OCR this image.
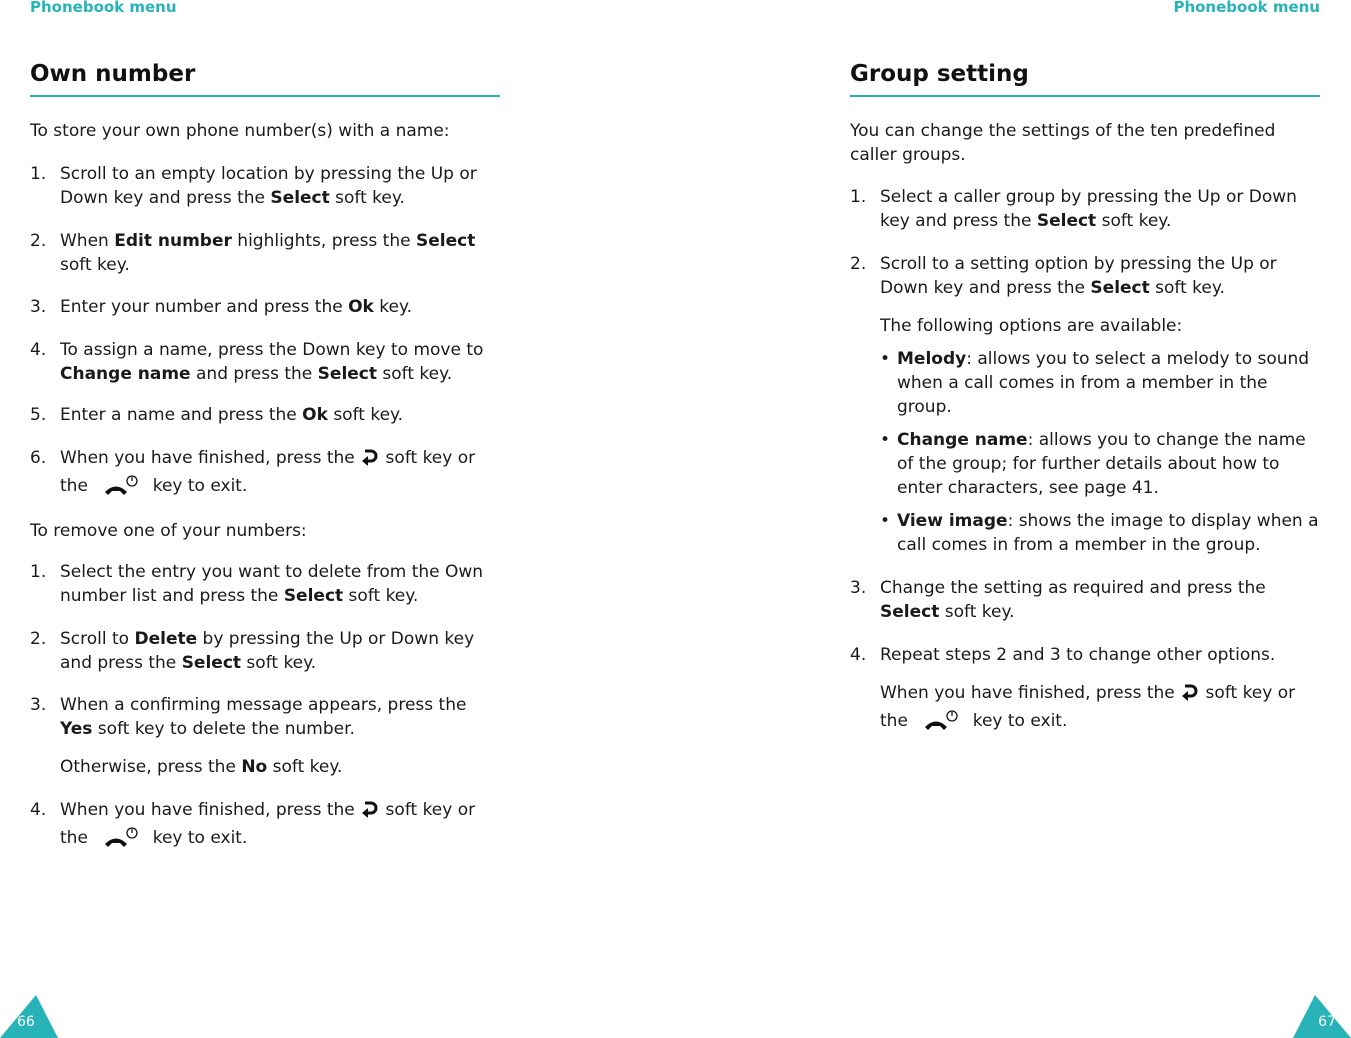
Phonebook menu	Phonebook menu
Own number

To store your own phone number(s) with a name:

1. Scroll to an empty location by pressing the Up or Down key and press the Select soft key.
2. When Edit number highlights, press the Select soft key.
3. Enter your number and press the Ok key.
4. To assign a name, press the Down key to move to Change name and press the Select soft key.
5. Enter a name and press the Ok soft key.
6. When you have finished, press the  soft key or the	key to exit.

To remove one of your numbers:

1. Select the entry you want to delete from the Own number list and press the Select soft key.
2. Scroll to Delete by pressing the Up or Down key and press the Select soft key.
3. When a confirming message appears, press the Yes soft key to delete the number.
Otherwise, press the No soft key.
4. When you have finished, press the  soft key or the	key to exit.
Group setting

You can change the settings of the ten predefined caller groups.

1. Select a caller group by pressing the Up or Down key and press the Select soft key.
2. Scroll to a setting option by pressing the Up or Down key and press the Select soft key.
The following options are available:
• Melody: allows you to select a melody to sound when a call comes in from a member in the group.
• Change name: allows you to change the name of the group; for further details about how to enter characters, see page 41.
• View image: shows the image to display when a call comes in from a member in the group.
3. Change the setting as required and press the Select soft key.
4. Repeat steps 2 and 3 to change other options.
When you have finished, press the  soft key or the	key to exit.
66	67
